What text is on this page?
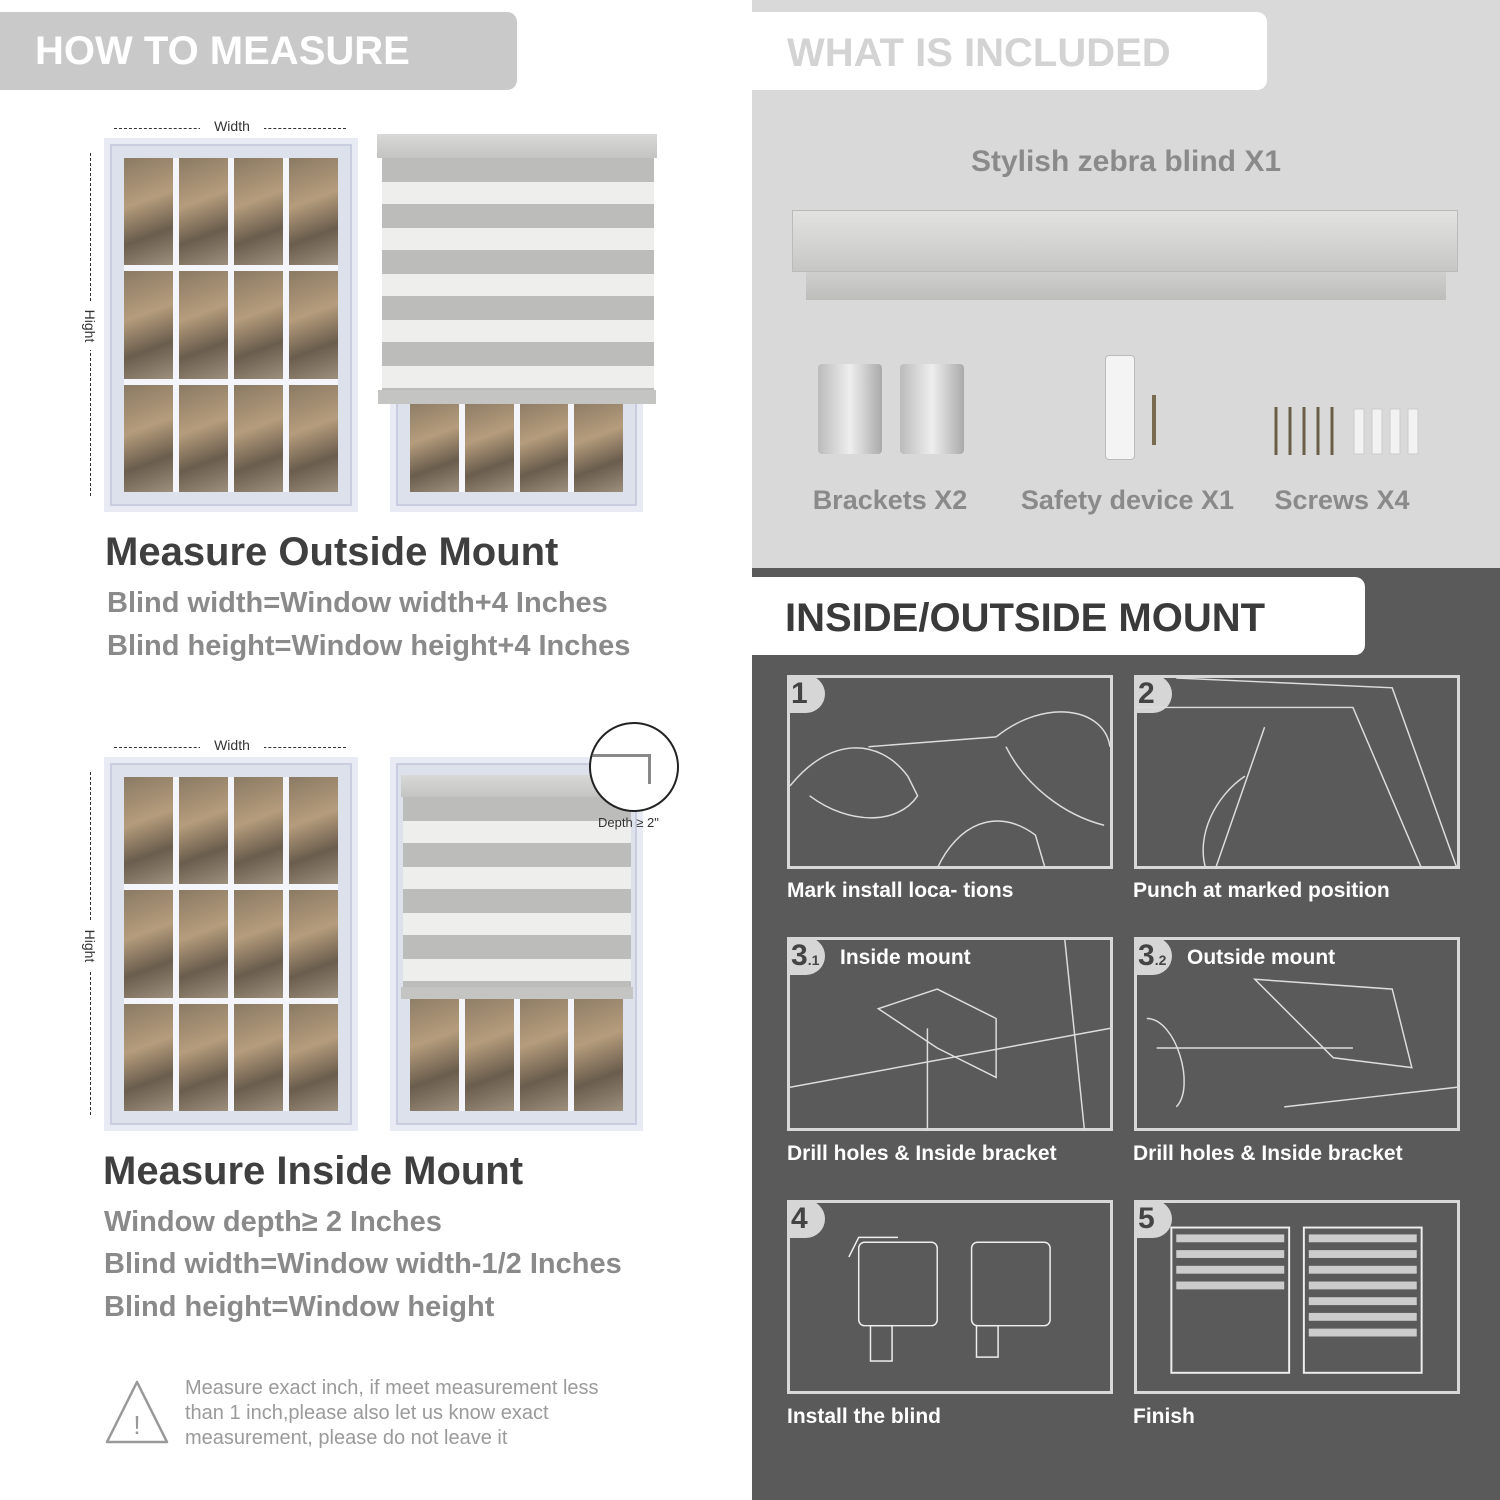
HOW TO MEASURE
Width
Hight
Measure Outside Mount
Blind width=Window width+4 Inches
Blind height=Window height+4 Inches
Width
Hight
Depth ≥ 2"
Measure Inside Mount
Window depth≥ 2 Inches
Blind width=Window width-1/2 Inches
Blind height=Window height
!
Measure exact inch, if meet measurement less
than 1 inch,please also let us know exact
measurement, please do not leave it
WHAT IS INCLUDED
Stylish zebra blind X1
Brackets X2	Safety device X1	Screws X4
INSIDE/OUTSIDE MOUNT
1
Mark install loca- tions
2
Punch at marked position
3.1 Inside mount
Drill holes & Inside bracket
3.2 Outside mount
Drill holes & Inside bracket
4
Install the blind
5
Finish
